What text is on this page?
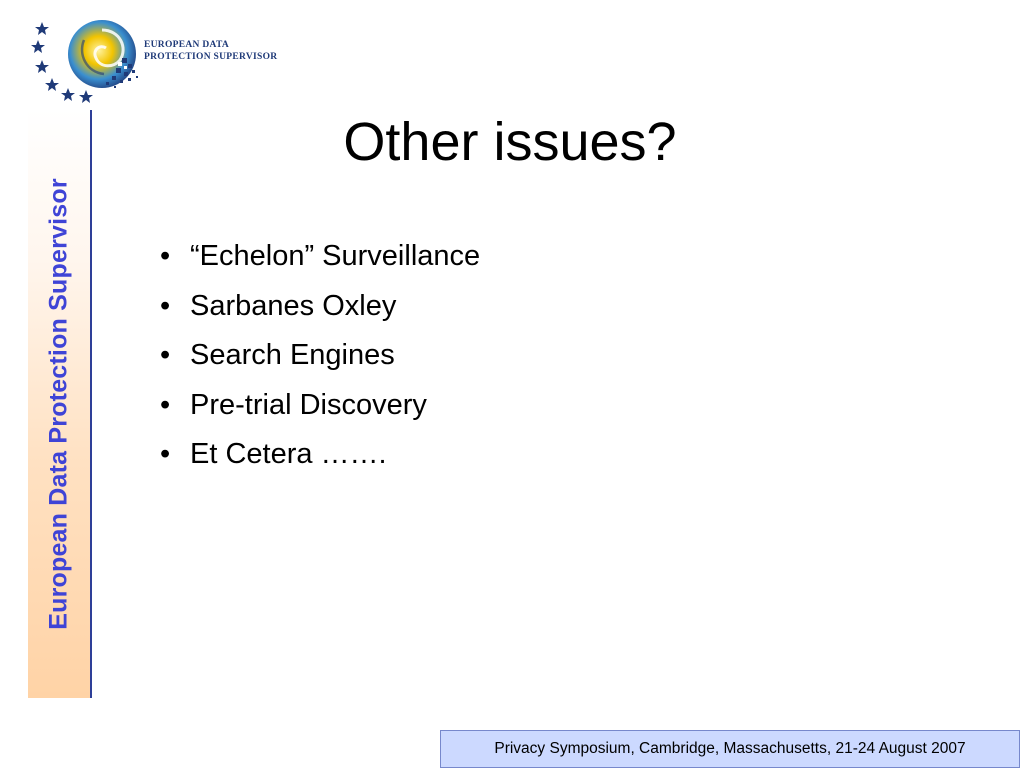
EUROPEAN DATA
PROTECTION SUPERVISOR
European Data Protection Supervisor
Other issues?
• “Echelon” Surveillance
• Sarbanes Oxley
• Search Engines
• Pre-trial Discovery
• Et Cetera …….
Privacy Symposium, Cambridge, Massachusetts, 21-24 August 2007
